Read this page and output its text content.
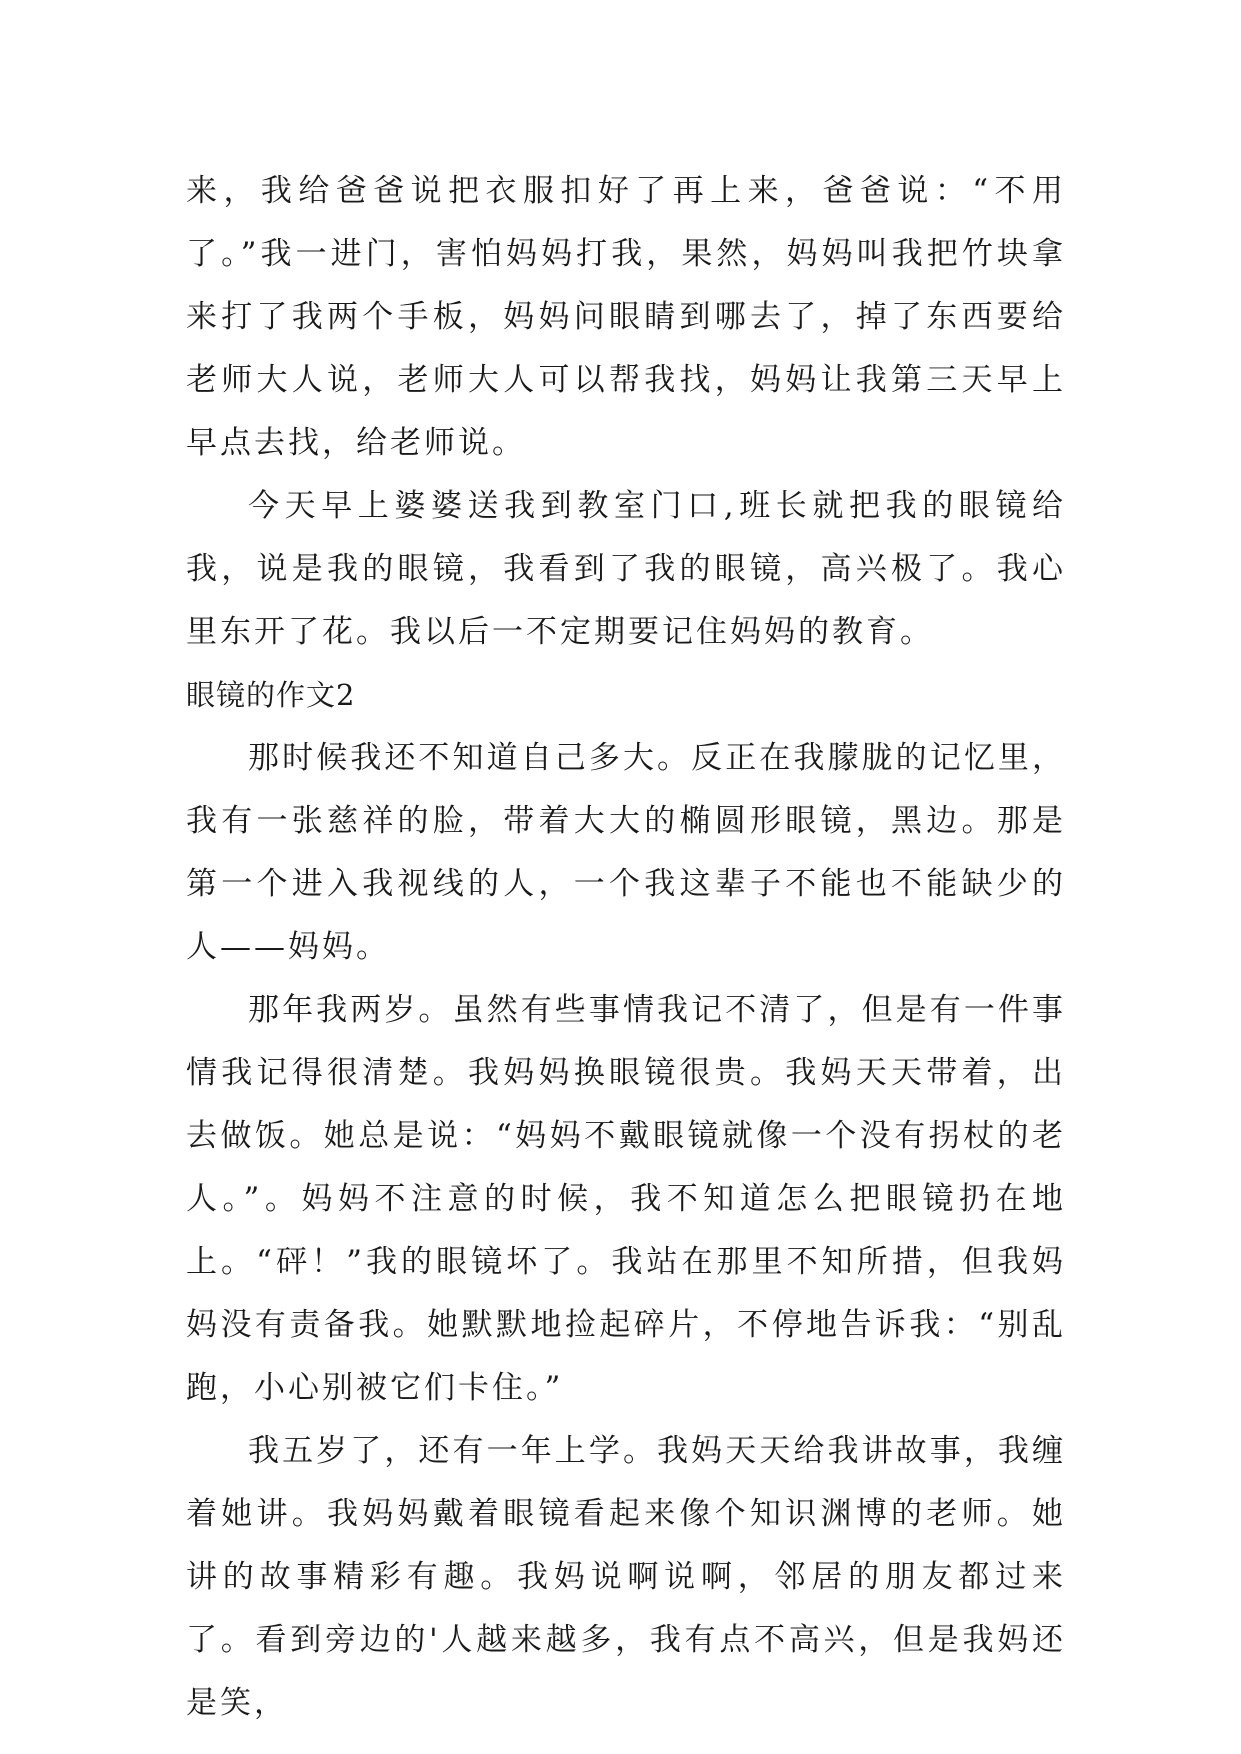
来，我给爸爸说把衣服扣好了再上来，爸爸说：“不用了。”我一进门，害怕妈妈打我，果然，妈妈叫我把竹块拿来打了我两个手板，妈妈问眼睛到哪去了，掉了东西要给老师大人说，老师大人可以帮我找，妈妈让我第三天早上早点去找，给老师说。

今天早上婆婆送我到教室门口,班长就把我的眼镜给我，说是我的眼镜，我看到了我的眼镜，高兴极了。我心里东开了花。我以后一不定期要记住妈妈的教育。

眼镜的作文2

那时候我还不知道自己多大。反正在我朦胧的记忆里，我有一张慈祥的脸，带着大大的椭圆形眼镜，黑边。那是第一个进入我视线的人，一个我这辈子不能也不能缺少的人——妈妈。

那年我两岁。虽然有些事情我记不清了，但是有一件事情我记得很清楚。我妈妈换眼镜很贵。我妈天天带着，出去做饭。她总是说：“妈妈不戴眼镜就像一个没有拐杖的老人。”。妈妈不注意的时候，我不知道怎么把眼镜扔在地上。“砰！”我的眼镜坏了。我站在那里不知所措，但我妈妈没有责备我。她默默地捡起碎片，不停地告诉我：“别乱跑，小心别被它们卡住。”

我五岁了，还有一年上学。我妈天天给我讲故事，我缠着她讲。我妈妈戴着眼镜看起来像个知识渊博的老师。她讲的故事精彩有趣。我妈说啊说啊，邻居的朋友都过来了。看到旁边的'人越来越多，我有点不高兴，但是我妈还是笑，
